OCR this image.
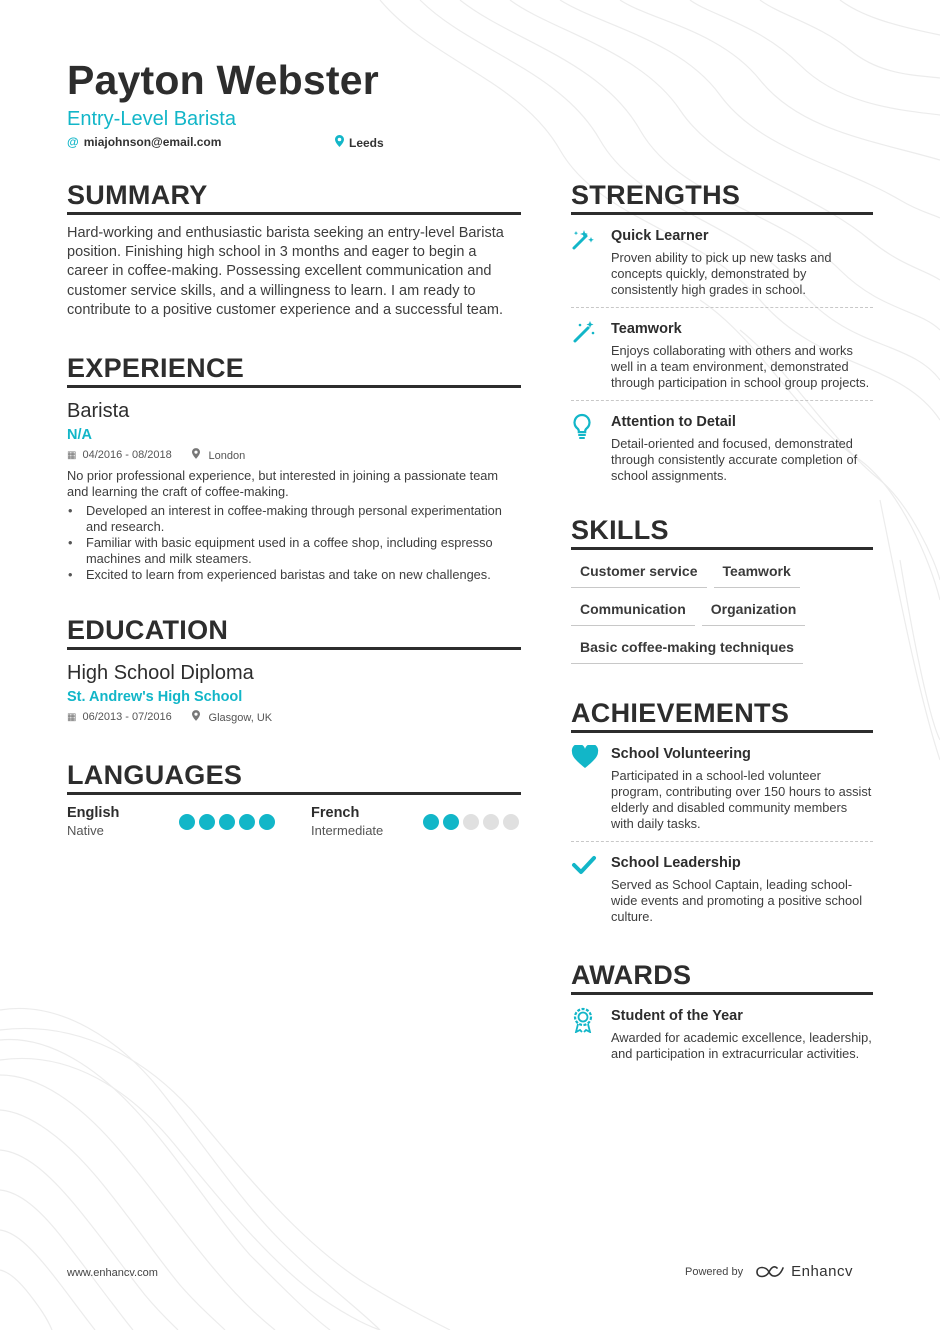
Payton Webster
Entry-Level Barista
@ miajohnson@email.com	Leeds
SUMMARY
Hard-working and enthusiastic barista seeking an entry-level Barista position. Finishing high school in 3 months and eager to begin a career in coffee-making. Possessing excellent communication and customer service skills, and a willingness to learn. I am ready to contribute to a positive customer experience and a successful team.
EXPERIENCE
Barista
N/A
▦ 04/2016 - 08/2018	London
No prior professional experience, but interested in joining a passionate team and learning the craft of coffee-making.
• Developed an interest in coffee-making through personal experimentation and research.
• Familiar with basic equipment used in a coffee shop, including espresso machines and milk steamers.
• Excited to learn from experienced baristas and take on new challenges.
EDUCATION
High School Diploma
St. Andrew's High School
▦ 06/2013 - 07/2016	Glasgow, UK
LANGUAGES
English
Native
French
Intermediate
STRENGTHS
Quick Learner
Proven ability to pick up new tasks and concepts quickly, demonstrated by consistently high grades in school.
Teamwork
Enjoys collaborating with others and works well in a team environment, demonstrated through participation in school group projects.
Attention to Detail
Detail-oriented and focused, demonstrated through consistently accurate completion of school assignments.
SKILLS
Customer service	Teamwork
Communication	Organization
Basic coffee-making techniques
ACHIEVEMENTS
School Volunteering
Participated in a school-led volunteer program, contributing over 150 hours to assist elderly and disabled community members with daily tasks.
School Leadership
Served as School Captain, leading school-wide events and promoting a positive school culture.
AWARDS
Student of the Year
Awarded for academic excellence, leadership, and participation in extracurricular activities.
www.enhancv.com	Powered by	Enhancv
